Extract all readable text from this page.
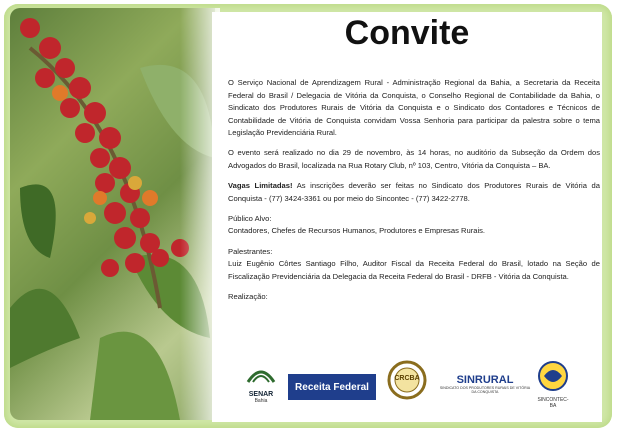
Convite

O Serviço Nacional de Aprendizagem Rural - Administração Regional da Bahia, a Secretaria da Receita Federal do Brasil / Delegacia de Vitória da Conquista, o Conselho Regional de Contabilidade da Bahia, o Sindicato dos Produtores Rurais de Vitória da Conquista e o Sindicato dos Contadores e Técnicos de Contabilidade de Vitória de Conquista convidam Vossa Senhoria para participar da palestra sobre o tema Legislação Previdenciária Rural.

O evento será realizado no dia 29 de novembro, às 14 horas, no auditório da Subseção da Ordem dos Advogados do Brasil, localizada na Rua Rotary Club, nº 103, Centro, Vitória da Conquista – BA.

Vagas Limitadas! As inscrições deverão ser feitas no Sindicato dos Produtores Rurais de Vitória da Conquista - (77) 3424-3361 ou por meio do Sincontec - (77) 3422-2778.

Público Alvo:

Contadores, Chefes de Recursos Humanos, Produtores e Empresas Rurais.

Palestrantes:

Luiz Eugênio Côrtes Santiago Filho, Auditor Fiscal da Receita Federal do Brasil, lotado na Seção de Fiscalização Previdenciária da Delegacia da Receita Federal do Brasil - DRFB - Vitória da Conquista.

Realização:

SENAR
Bahia
Receita Federal
CRCBA	SINRURAL
SINDICATO DOS PRODUTORES RURAIS DE VITÓRIA DA CONQUISTA
SINCONTEC-BA
